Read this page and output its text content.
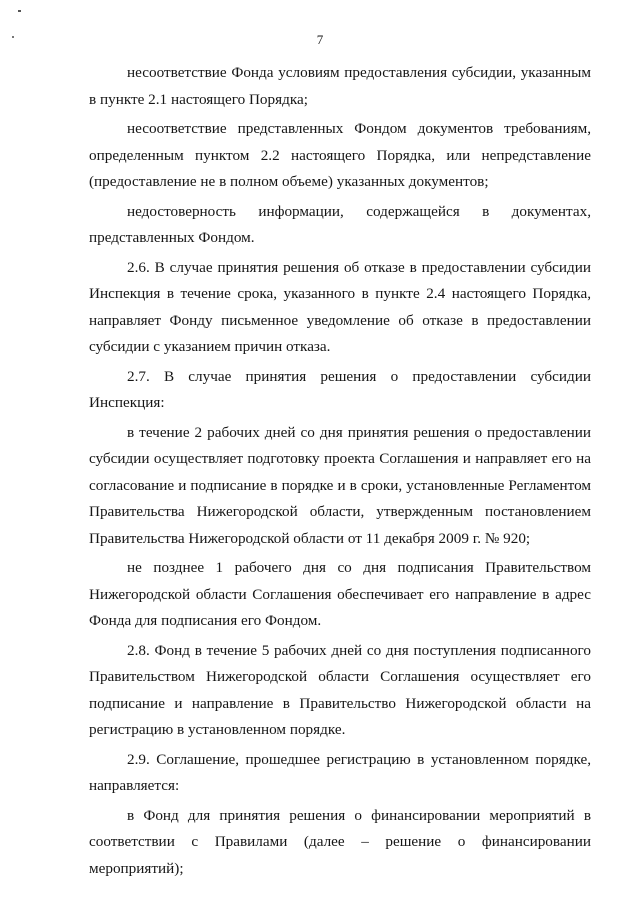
7

несоответствие Фонда условиям предоставления субсидии, указанным в пункте 2.1 настоящего Порядка;

несоответствие представленных Фондом документов требованиям, определенным пунктом 2.2 настоящего Порядка, или непредставление (предоставление не в полном объеме) указанных документов;

недостоверность информации, содержащейся в документах, представленных Фондом.

2.6. В случае принятия решения об отказе в предоставлении субсидии Инспекция в течение срока, указанного в пункте 2.4 настоящего Порядка, направляет Фонду письменное уведомление об отказе в предоставлении субсидии с указанием причин отказа.

2.7. В случае принятия решения о предоставлении субсидии Инспекция:

в течение 2 рабочих дней со дня принятия решения о предоставлении субсидии осуществляет подготовку проекта Соглашения и направляет его на согласование и подписание в порядке и в сроки, установленные Регламентом Правительства Нижегородской области, утвержденным постановлением Правительства Нижегородской области от 11 декабря 2009 г. № 920;

не позднее 1 рабочего дня со дня подписания Правительством Нижегородской области Соглашения обеспечивает его направление в адрес Фонда для подписания его Фондом.

2.8. Фонд в течение 5 рабочих дней со дня поступления подписанного Правительством Нижегородской области Соглашения осуществляет его подписание и направление в Правительство Нижегородской области на регистрацию в установленном порядке.

2.9. Соглашение, прошедшее регистрацию в установленном порядке, направляется:

в Фонд для принятия решения о финансировании мероприятий в соответствии с Правилами (далее – решение о финансировании мероприятий);
